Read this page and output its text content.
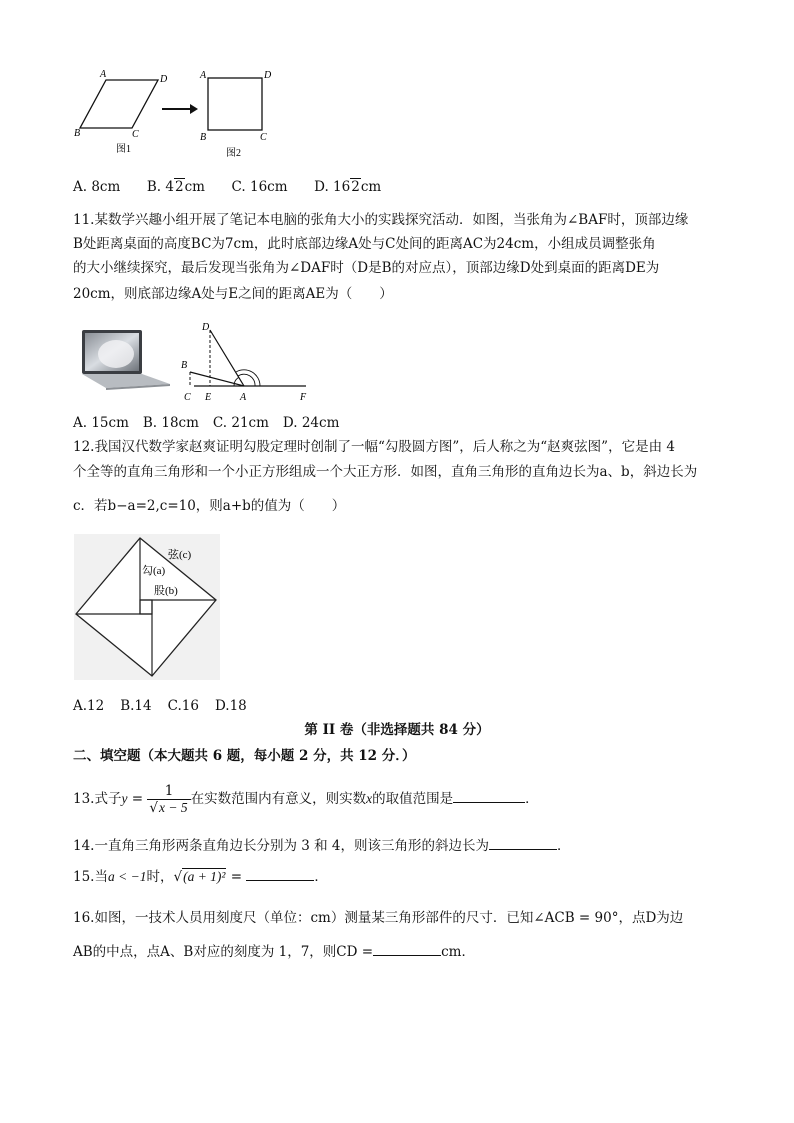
A	D
B	C
图1
A	D
B	C
图2
A. 8cm B. 42cm C. 16cm D. 162cm
11.某数学兴趣小组开展了笔记本电脑的张角大小的实践探究活动．如图，当张角为∠BAF时，顶部边缘
B处距离桌面的高度BC为7cm，此时底部边缘A处与C处间的距离AC为24cm，小组成员调整张角
的大小继续探究，最后发现当张角为∠DAF时（D是B的对应点），顶部边缘D处到桌面的距离DE为
20cm，则底部边缘A处与E之间的距离AE为（　　）
D
B
C E	A	F
A. 15cm B. 18cm C. 21cm D. 24cm
12.我国汉代数学家赵爽证明勾股定理时创制了一幅“勾股圆方图”，后人称之为“赵爽弦图”，它是由 4
个全等的直角三角形和一个小正方形组成一个大正方形．如图，直角三角形的直角边长为a、b，斜边长为
c．若b−a=2,c=10，则a+b的值为（　　）
弦(c)
勾(a)
股(b)
A.12 B.14 C.16 D.18
第 II 卷（非选择题共 84 分）
二、填空题（本大题共 6 题，每小题 2 分，共 12 分．）
13.式子$y = \frac{1}{√x - 5}$ 在实数范围内有意义，则实数x的取值范围是	．
14.一直角三角形两条直角边长分别为 3 和 4，则该三角形的斜边长为	．
15.当a < −1时，√(a + 1)² =	．
16.如图，一技术人员用刻度尺（单位：cm）测量某三角形部件的尺寸．已知∠ACB = 90°，点D为边
AB的中点，点A、B对应的刻度为 1，7，则CD =	cm．
